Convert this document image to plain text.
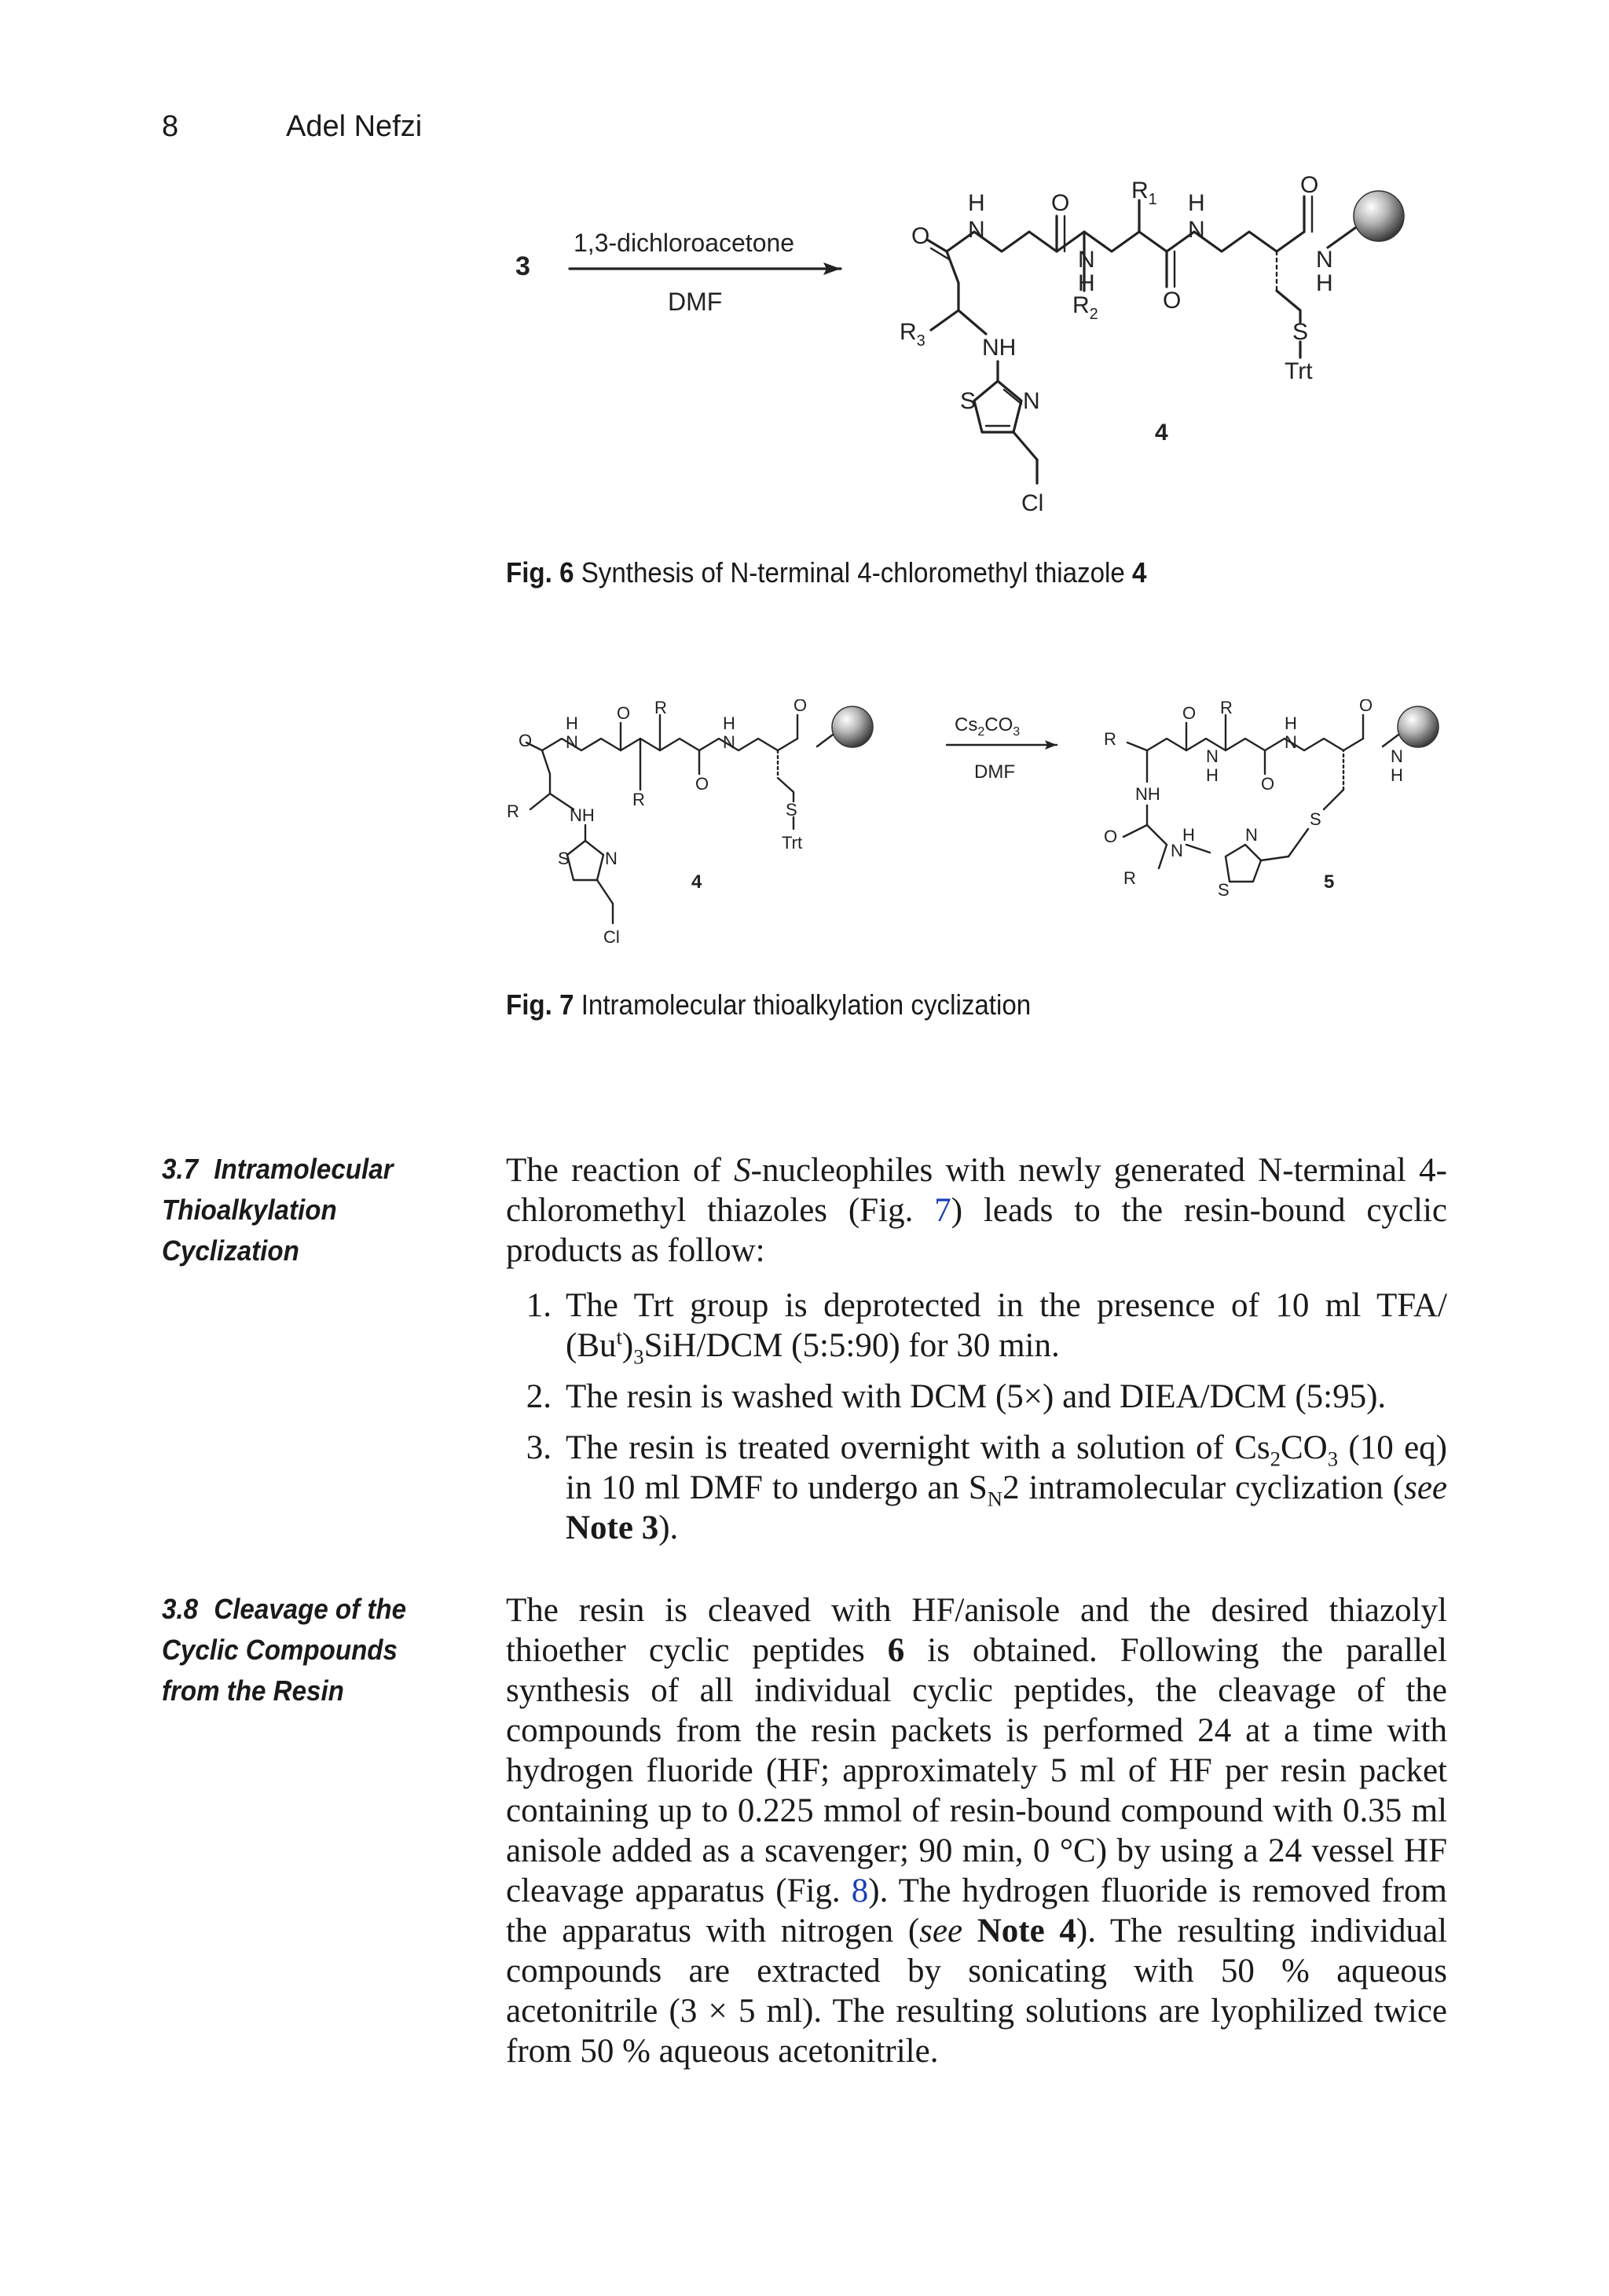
8	Adel Nefzi
3
1,3-dichloroacetone
DMF
O
H
N
O
N
H
$R_1$
O
H
N
O
N
H
$R_2$
$R_3$ NH
S
Trt
S N
4
Cl
Fig. 6 Synthesis of N-terminal 4-chloromethyl thiazole 4
O
H
N
O R
H
N
O
O
R
R	NH	S
Trt
S N
4
Cl
$Cs_2CO_3$
DMF
R
O R
N
H O
H
N
O
N
H
NH
O	H
N
N
S
S
R	5
Fig. 7 Intramolecular thioalkylation cyclization
3.7 Intramolecular Thioalkylation Cyclization
The reaction of S-nucleophiles with newly generated N-terminal 4-chloromethyl thiazoles (Fig. 7) leads to the resin-bound cyclic products as follow:
1. The Trt group is deprotected in the presence of 10 ml TFA/ $(Bu^t)_3SiH$/DCM (5:5:90) for 30 min.
2. The resin is washed with DCM (5×) and DIEA/DCM (5:95).
3. The resin is treated overnight with a solution of $Cs_2CO_3$ (10 eq) in 10 ml DMF to undergo an $S_N2$ intramolecular cyclization (see Note 3).
3.8 Cleavage of the Cyclic Compounds from the Resin
The resin is cleaved with HF/anisole and the desired thiazolyl thioether cyclic peptides 6 is obtained. Following the parallel synthesis of all individual cyclic peptides, the cleavage of the compounds from the resin packets is performed 24 at a time with hydrogen fluoride (HF; approximately 5 ml of HF per resin packet containing up to 0.225 mmol of resin-bound compound with 0.35 ml anisole added as a scavenger; 90 min, 0 °C) by using a 24 vessel HF cleavage apparatus (Fig. 8). The hydrogen fluoride is removed from the apparatus with nitrogen (see Note 4). The resulting individual compounds are extracted by sonicating with 50 % aqueous acetonitrile (3 × 5 ml). The resulting solutions are lyophilized twice from 50 % aqueous acetonitrile.
